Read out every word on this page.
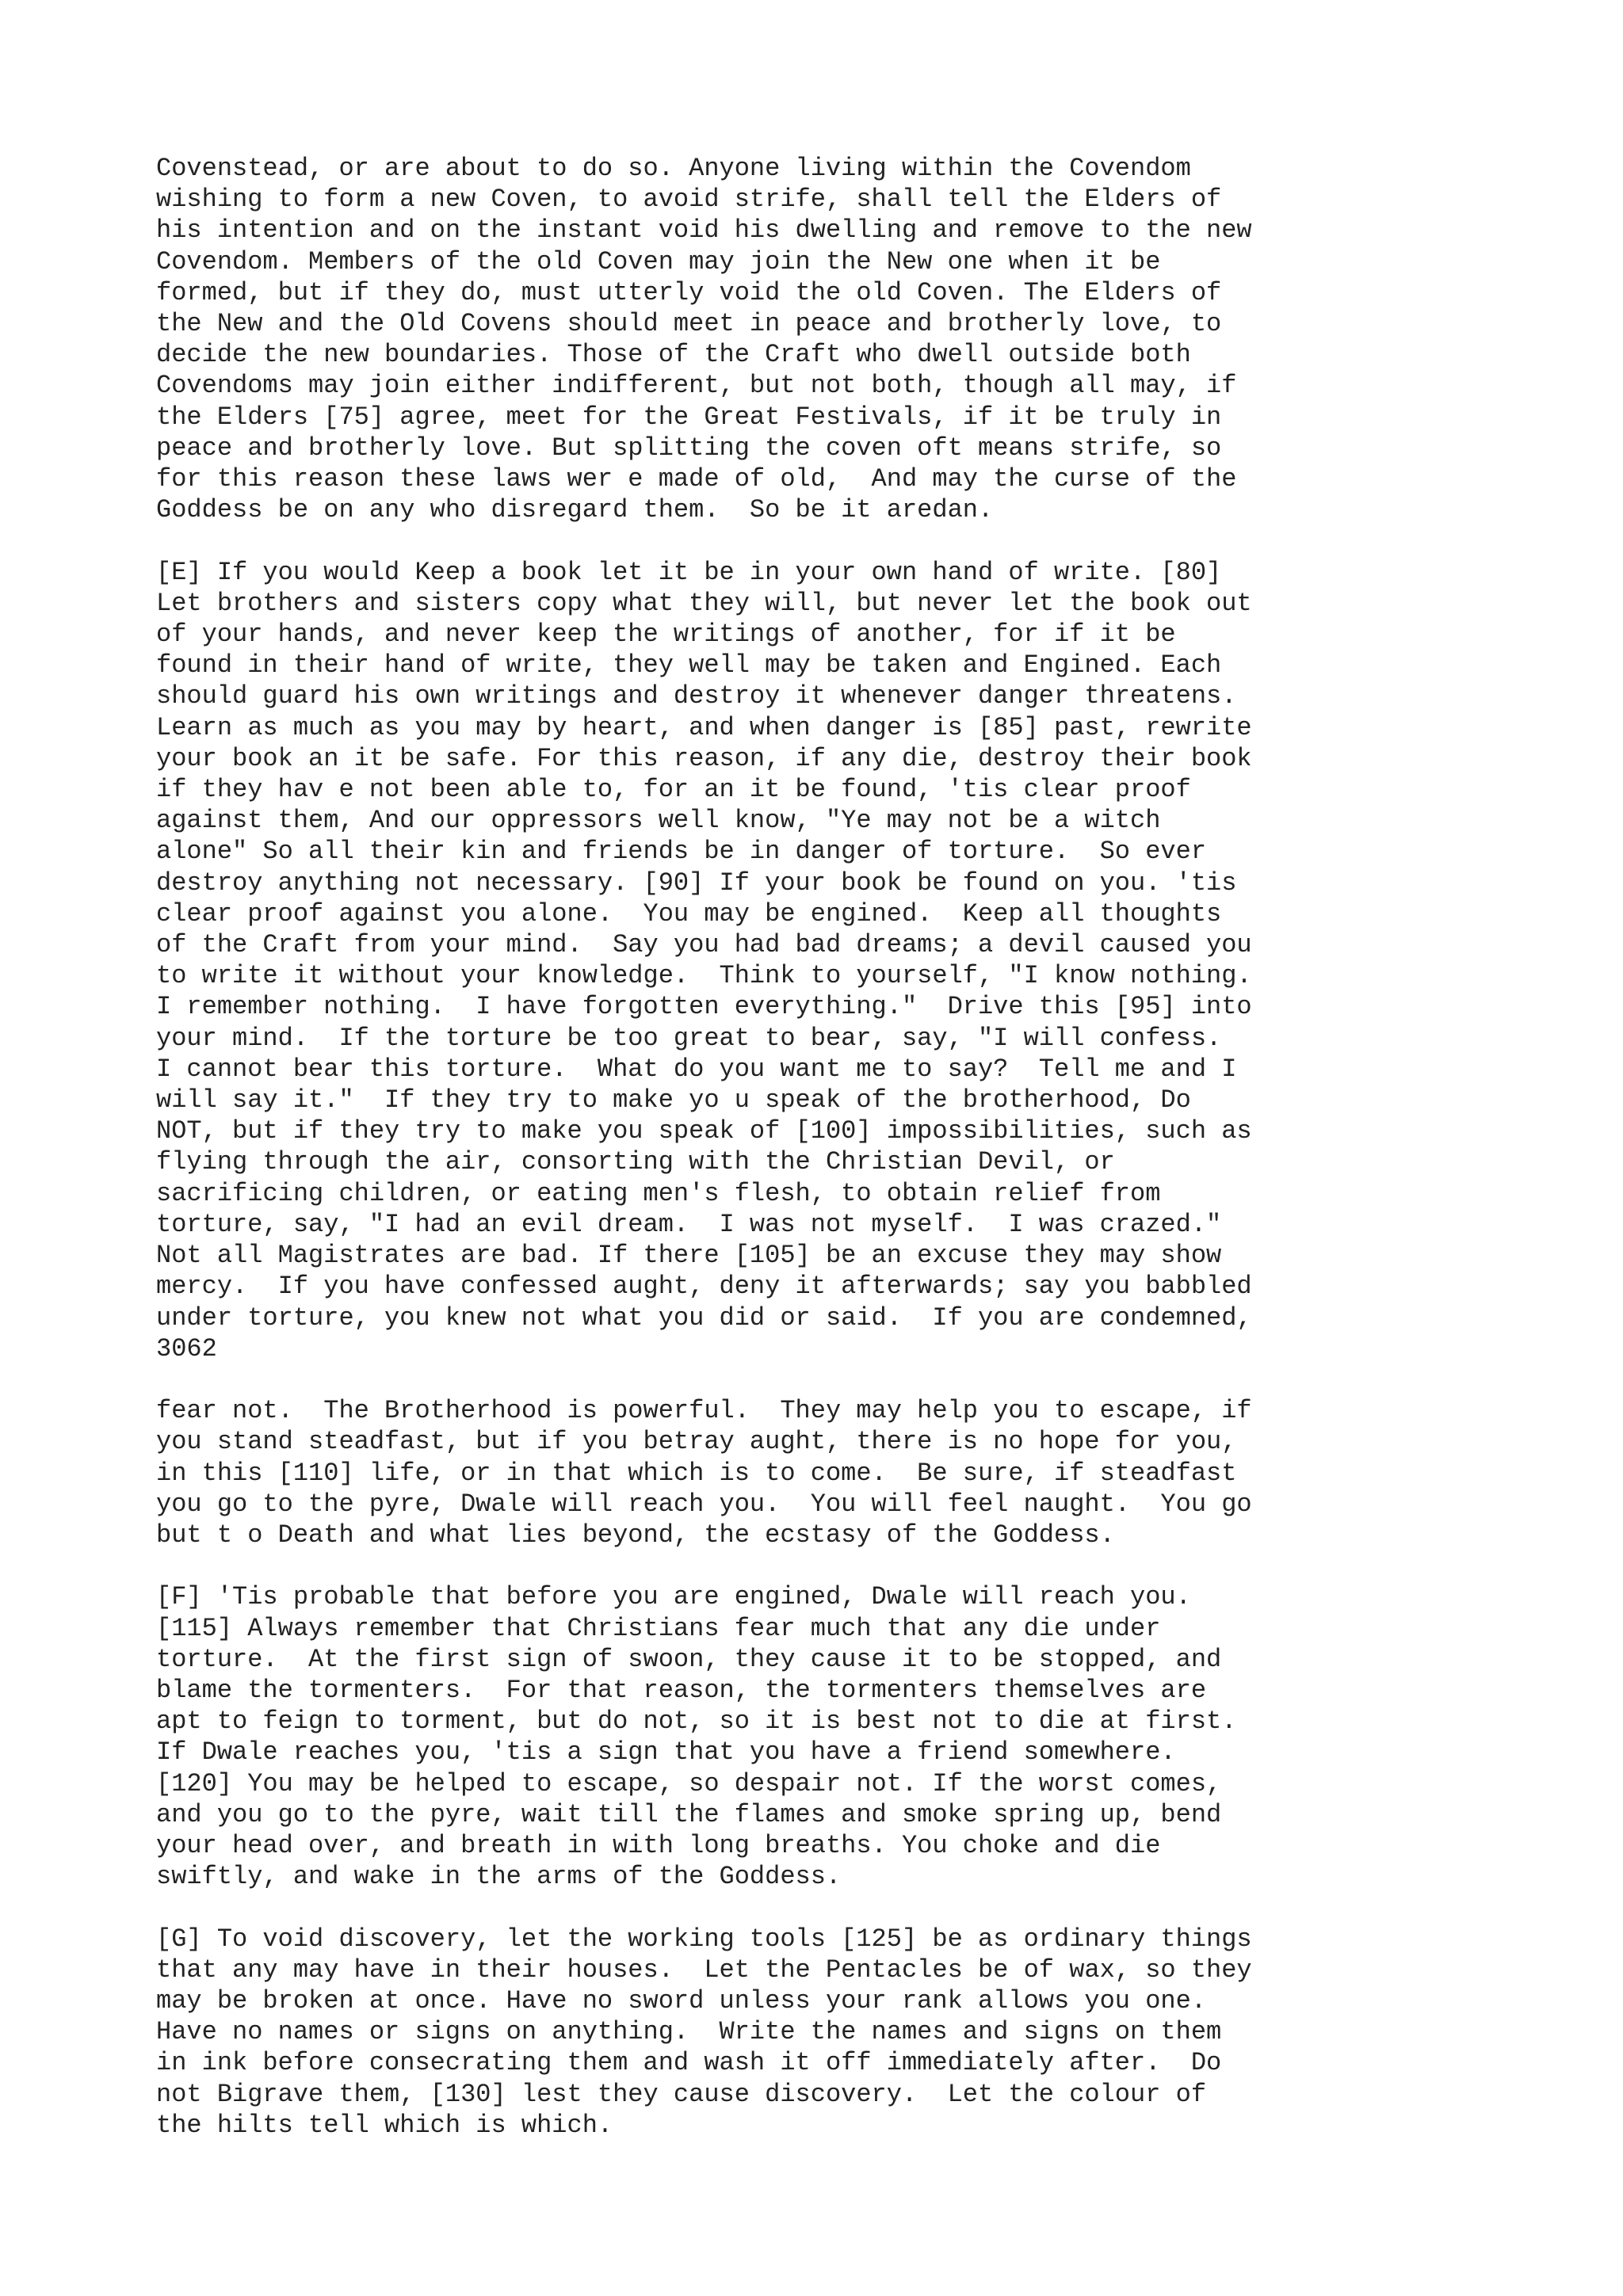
Covenstead, or are about to do so. Anyone living within the Covendom
wishing to form a new Coven, to avoid strife, shall tell the Elders of
his intention and on the instant void his dwelling and remove to the new
Covendom. Members of the old Coven may join the New one when it be
formed, but if they do, must utterly void the old Coven. The Elders of
the New and the Old Covens should meet in peace and brotherly love, to
decide the new boundaries. Those of the Craft who dwell outside both
Covendoms may join either indifferent, but not both, though all may, if
the Elders [75] agree, meet for the Great Festivals, if it be truly in
peace and brotherly love. But splitting the coven oft means strife, so
for this reason these laws wer e made of old,  And may the curse of the
Goddess be on any who disregard them.  So be it aredan.
[E] If you would Keep a book let it be in your own hand of write. [80]
Let brothers and sisters copy what they will, but never let the book out
of your hands, and never keep the writings of another, for if it be
found in their hand of write, they well may be taken and Engined. Each
should guard his own writings and destroy it whenever danger threatens.
Learn as much as you may by heart, and when danger is [85] past, rewrite
your book an it be safe. For this reason, if any die, destroy their book
if they hav e not been able to, for an it be found, 'tis clear proof
against them, And our oppressors well know, "Ye may not be a witch
alone" So all their kin and friends be in danger of torture.  So ever
destroy anything not necessary. [90] If your book be found on you. 'tis
clear proof against you alone.  You may be engined.  Keep all thoughts
of the Craft from your mind.  Say you had bad dreams; a devil caused you
to write it without your knowledge.  Think to yourself, "I know nothing.
I remember nothing.  I have forgotten everything."  Drive this [95] into
your mind.  If the torture be too great to bear, say, "I will confess.
I cannot bear this torture.  What do you want me to say?  Tell me and I
will say it."  If they try to make yo u speak of the brotherhood, Do
NOT, but if they try to make you speak of [100] impossibilities, such as
flying through the air, consorting with the Christian Devil, or
sacrificing children, or eating men's flesh, to obtain relief from
torture, say, "I had an evil dream.  I was not myself.  I was crazed."
Not all Magistrates are bad. If there [105] be an excuse they may show
mercy.  If you have confessed aught, deny it afterwards; say you babbled
under torture, you knew not what you did or said.  If you are condemned,
3062
fear not.  The Brotherhood is powerful.  They may help you to escape, if
you stand steadfast, but if you betray aught, there is no hope for you,
in this [110] life, or in that which is to come.  Be sure, if steadfast
you go to the pyre, Dwale will reach you.  You will feel naught.  You go
but t o Death and what lies beyond, the ecstasy of the Goddess.
[F] 'Tis probable that before you are engined, Dwale will reach you.
[115] Always remember that Christians fear much that any die under
torture.  At the first sign of swoon, they cause it to be stopped, and
blame the tormenters.  For that reason, the tormenters themselves are
apt to feign to torment, but do not, so it is best not to die at first.
If Dwale reaches you, 'tis a sign that you have a friend somewhere.
[120] You may be helped to escape, so despair not. If the worst comes,
and you go to the pyre, wait till the flames and smoke spring up, bend
your head over, and breath in with long breaths. You choke and die
swiftly, and wake in the arms of the Goddess.
[G] To void discovery, let the working tools [125] be as ordinary things
that any may have in their houses.  Let the Pentacles be of wax, so they
may be broken at once. Have no sword unless your rank allows you one.
Have no names or signs on anything.  Write the names and signs on them
in ink before consecrating them and wash it off immediately after.  Do
not Bigrave them, [130] lest they cause discovery.  Let the colour of
the hilts tell which is which.
